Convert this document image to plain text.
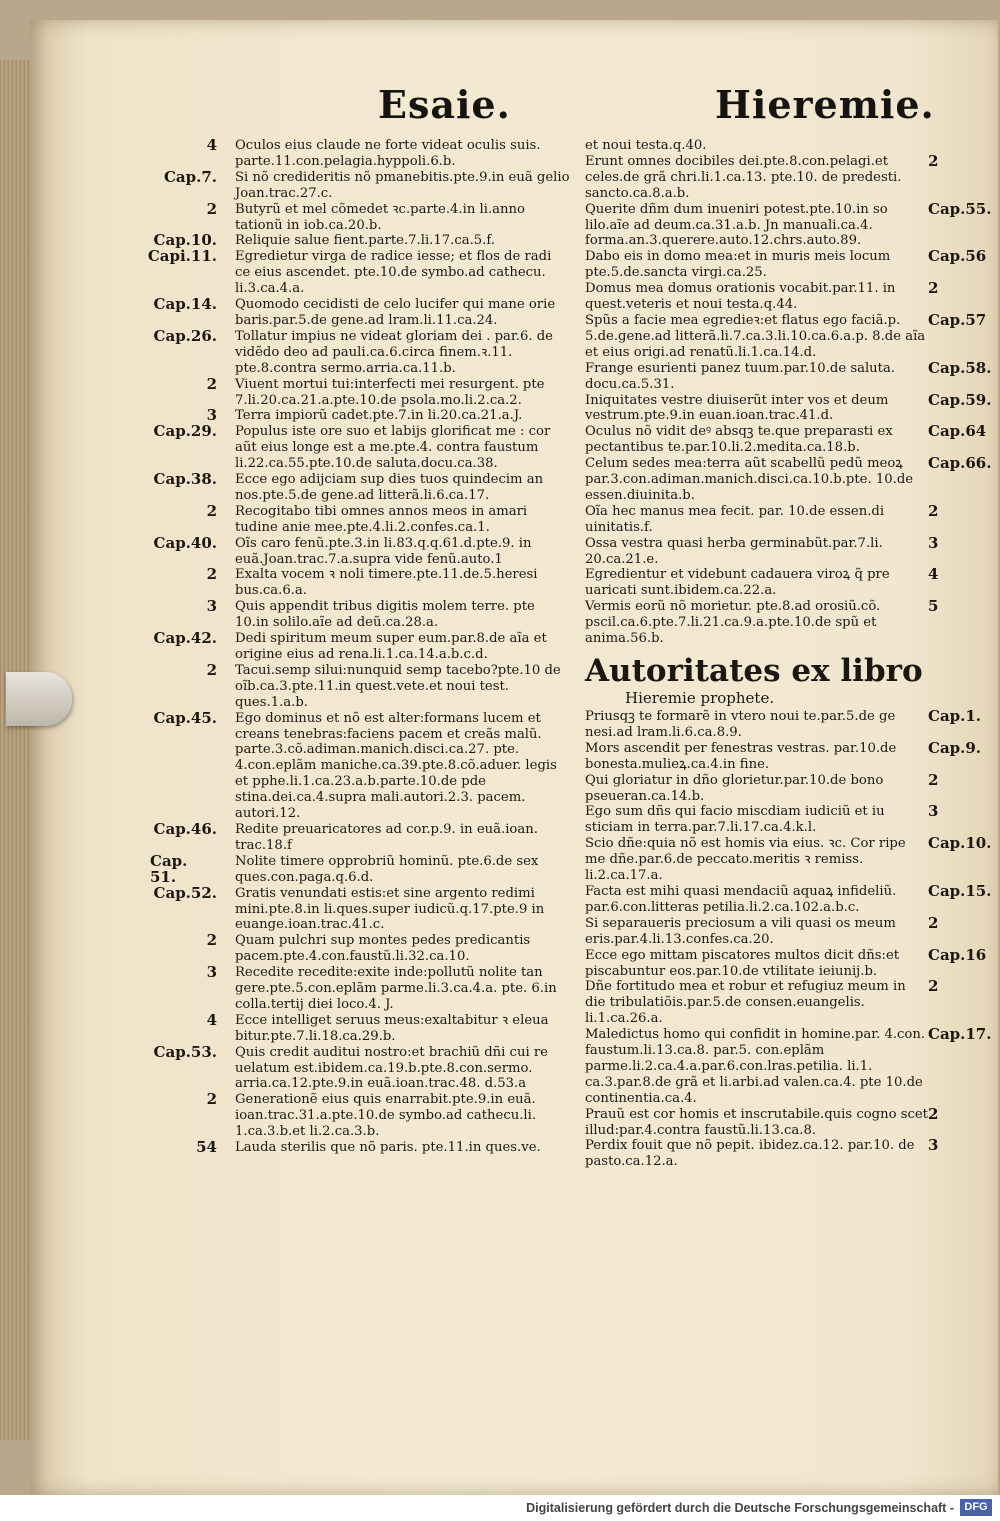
Esaie.	Hieremie.
4 Oculos eius claude ne forte videat oculis suis. parte.11.con.pelagia.hyppoli.6.b.
Cap.7. Si nõ credideritis nõ pmanebitis.pte.9.in euã gelio Joan.trac.27.c.
2 Butyrũ et mel cõmedet ꝛc.parte.4.in li.anno tationũ in iob.ca.20.b.
Cap.10. Reliquie salue fient.parte.7.li.17.ca.5.f.
Capi.11. Egredietur virga de radice iesse; et flos de radi ce eius ascendet. pte.10.de symbo.ad cathecu. li.3.ca.4.a.
Cap.14. Quomodo cecidisti de celo lucifer qui mane orie baris.par.5.de gene.ad lram.li.11.ca.24.
Cap.26. Tollatur impius ne videat gloriam dei . par.6. de vidẽdo deo ad pauli.ca.6.circa finem.ꝛ.11. pte.8.contra sermo.arria.ca.11.b.
2 Viuent mortui tui:interfecti mei resurgent. pte 7.li.20.ca.21.a.pte.10.de psola.mo.li.2.ca.2.
3 Terra impiorũ cadet.pte.7.in li.20.ca.21.a.J.
Cap.29. Populus iste ore suo et labijs glorificat me : cor aũt eius longe est a me.pte.4. contra faustum li.22.ca.55.pte.10.de saluta.docu.ca.38.
Cap.38. Ecce ego adijciam sup dies tuos quindecim an nos.pte.5.de gene.ad litterã.li.6.ca.17.
2 Recogitabo tibi omnes annos meos in amari tudine anie mee.pte.4.li.2.confes.ca.1.
Cap.40. Oĩs caro fenũ.pte.3.in li.83.q.q.61.d.pte.9. in euã.Joan.trac.7.a.supra vide fenũ.auto.1
2 Exalta vocem ꝛ noli timere.pte.11.de.5.heresi bus.ca.6.a.
3 Quis appendit tribus digitis molem terre. pte 10.in solilo.aĩe ad deũ.ca.28.a.
Cap.42. Dedi spiritum meum super eum.par.8.de aĩa et origine eius ad rena.li.1.ca.14.a.b.c.d.
2 Tacui.semp silui:nunquid semp tacebo?pte.10 de oĩb.ca.3.pte.11.in quest.vete.et noui test. ques.1.a.b.
Cap.45. Ego dominus et nõ est alter:formans lucem et creans tenebras:faciens pacem et creãs malũ. parte.3.cõ.adiman.manich.disci.ca.27. pte. 4.con.eplãm maniche.ca.39.pte.8.cõ.aduer. legis et pphe.li.1.ca.23.a.b.parte.10.de pde stina.dei.ca.4.supra mali.autori.2.3. pacem. autori.12.
Cap.46. Redite preuaricatores ad cor.p.9. in euã.ioan. trac.18.f
Cap. 51.
Nolite timere opprobriũ hominũ. pte.6.de sex ques.con.paga.q.6.d.
Cap.52. Gratis venundati estis:et sine argento redimi mini.pte.8.in li.ques.super iudicũ.q.17.pte.9 in euange.ioan.trac.41.c.
2 Quam pulchri sup montes pedes predicantis pacem.pte.4.con.faustũ.li.32.ca.10.
3 Recedite recedite:exite inde:pollutũ nolite tan gere.pte.5.con.eplãm parme.li.3.ca.4.a. pte. 6.in colla.tertij diei loco.4. J.
4 Ecce intelliget seruus meus:exaltabitur ꝛ eleua bitur.pte.7.li.18.ca.29.b.
Cap.53. Quis credit auditui nostro:et brachiũ dñi cui re uelatum est.ibidem.ca.19.b.pte.8.con.sermo. arria.ca.12.pte.9.in euã.ioan.trac.48. d.53.a
2 Generationẽ eius quis enarrabit.pte.9.in euã. ioan.trac.31.a.pte.10.de symbo.ad cathecu.li. 1.ca.3.b.et li.2.ca.3.b.
54 Lauda sterilis que nõ paris. pte.11.in ques.ve.
et noui testa.q.40.
2
Erunt omnes docibiles dei.pte.8.con.pelagi.et celes.de grã chri.li.1.ca.13. pte.10. de predesti. sancto.ca.8.a.b.
Cap.55.
Querite dñm dum inueniri potest.pte.10.in so lilo.aĩe ad deum.ca.31.a.b. Jn manuali.ca.4. forma.an.3.querere.auto.12.chrs.auto.89.
Cap.56
Dabo eis in domo mea:et in muris meis locum pte.5.de.sancta virgi.ca.25.
2
Domus mea domus orationis vocabit.par.11. in quest.veteris et noui testa.q.44.
Cap.57
Spũs a facie mea egredieꝛ:et flatus ego faciã.p. 5.de.gene.ad litterã.li.7.ca.3.li.10.ca.6.a.p. 8.de aĩa et eius origi.ad renatũ.li.1.ca.14.d.
Cap.58.
Frange esurienti panez tuum.par.10.de saluta. docu.ca.5.31.
Cap.59.
Iniquitates vestre diuiserũt inter vos et deum vestrum.pte.9.in euan.ioan.trac.41.d.
Cap.64
Oculus nõ vidit deꝰ absqꝫ te.que preparasti ex pectantibus te.par.10.li.2.medita.ca.18.b.
Cap.66.
Celum sedes mea:terra aũt scabellũ pedũ meoꝝ par.3.con.adiman.manich.disci.ca.10.b.pte. 10.de essen.diuinita.b.
2
Oĩa hec manus mea fecit. par. 10.de essen.di uinitatis.f.
3
Ossa vestra quasi herba germinabũt.par.7.li. 20.ca.21.e.
4
Egredientur et videbunt cadauera viroꝝ q̃ pre uaricati sunt.ibidem.ca.22.a.
5
Vermis eorũ nõ morietur. pte.8.ad orosiũ.cõ. pscil.ca.6.pte.7.li.21.ca.9.a.pte.10.de spũ et anima.56.b.
Autoritates ex libro
Hieremie prophete.
Cap.1.
Priusqꝫ te formarẽ in vtero noui te.par.5.de ge nesi.ad lram.li.6.ca.8.9.
Cap.9.
Mors ascendit per fenestras vestras. par.10.de bonesta.mulieꝝ.ca.4.in fine.
2
Qui gloriatur in dño glorietur.par.10.de bono pseueran.ca.14.b.
3
Ego sum dñs qui facio miscdiam iudiciũ et iu sticiam in terra.par.7.li.17.ca.4.k.l.
Cap.10.
Scio dñe:quia nõ est homis via eius. ꝛc. Cor ripe me dñe.par.6.de peccato.meritis ꝛ remiss. li.2.ca.17.a.
Cap.15.
Facta est mihi quasi mendaciũ aquaꝝ infideliũ. par.6.con.litteras petilia.li.2.ca.102.a.b.c.
2
Si separaueris preciosum a vili quasi os meum eris.par.4.li.13.confes.ca.20.
Cap.16
Ecce ego mittam piscatores multos dicit dñs:et piscabuntur eos.par.10.de vtilitate ieiunij.b.
2
Dñe fortitudo mea et robur et refugiuz meum in die tribulatiõis.par.5.de consen.euangelis. li.1.ca.26.a.
Cap.17.
Maledictus homo qui confidit in homine.par. 4.con. faustum.li.13.ca.8. par.5. con.eplãm parme.li.2.ca.4.a.par.6.con.lras.petilia. li.1. ca.3.par.8.de grã et li.arbi.ad valen.ca.4. pte 10.de continentia.ca.4.
2
Prauũ est cor homis et inscrutabile.quis cogno scet illud:par.4.contra faustũ.li.13.ca.8.
3
Perdix fouit que nõ pepit. ibidez.ca.12. par.10. de pasto.ca.12.a.
Digitalisierung gefördert durch die Deutsche Forschungsgemeinschaft - DFG
